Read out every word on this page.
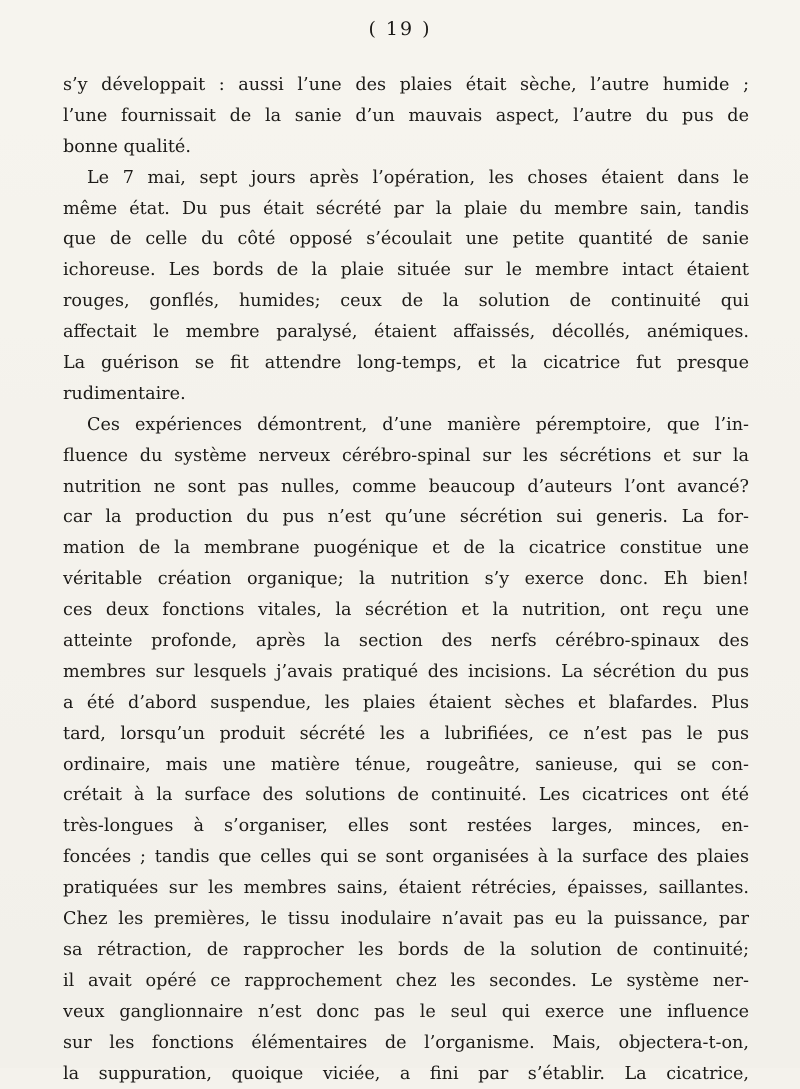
( 19 )
s’y développait : aussi l’une des plaies était sèche, l’autre humide ;
l’une fournissait de la sanie d’un mauvais aspect, l’autre du pus de
bonne qualité.
Le 7 mai, sept jours après l’opération, les choses étaient dans le
même état. Du pus était sécrété par la plaie du membre sain, tandis
que de celle du côté opposé s’écoulait une petite quantité de sanie
ichoreuse. Les bords de la plaie située sur le membre intact étaient
rouges, gonflés, humides; ceux de la solution de continuité qui
affectait le membre paralysé, étaient affaissés, décollés, anémiques.
La guérison se fit attendre long-temps, et la cicatrice fut presque
rudimentaire.
Ces expériences démontrent, d’une manière péremptoire, que l’in-
fluence du système nerveux cérébro-spinal sur les sécrétions et sur la
nutrition ne sont pas nulles, comme beaucoup d’auteurs l’ont avancé?
car la production du pus n’est qu’une sécrétion sui generis. La for-
mation de la membrane puogénique et de la cicatrice constitue une
véritable création organique; la nutrition s’y exerce donc. Eh bien!
ces deux fonctions vitales, la sécrétion et la nutrition, ont reçu une
atteinte profonde, après la section des nerfs cérébro-spinaux des
membres sur lesquels j’avais pratiqué des incisions. La sécrétion du pus
a été d’abord suspendue, les plaies étaient sèches et blafardes. Plus
tard, lorsqu’un produit sécrété les a lubrifiées, ce n’est pas le pus
ordinaire, mais une matière ténue, rougeâtre, sanieuse, qui se con-
crétait à la surface des solutions de continuité. Les cicatrices ont été
très-longues à s’organiser, elles sont restées larges, minces, en-
foncées ; tandis que celles qui se sont organisées à la surface des plaies
pratiquées sur les membres sains, étaient rétrécies, épaisses, saillantes.
Chez les premières, le tissu inodulaire n’avait pas eu la puissance, par
sa rétraction, de rapprocher les bords de la solution de continuité;
il avait opéré ce rapprochement chez les secondes. Le système ner-
veux ganglionnaire n’est donc pas le seul qui exerce une influence
sur les fonctions élémentaires de l’organisme. Mais, objectera-t-on,
la suppuration, quoique viciée, a fini par s’établir. La cicatrice,
